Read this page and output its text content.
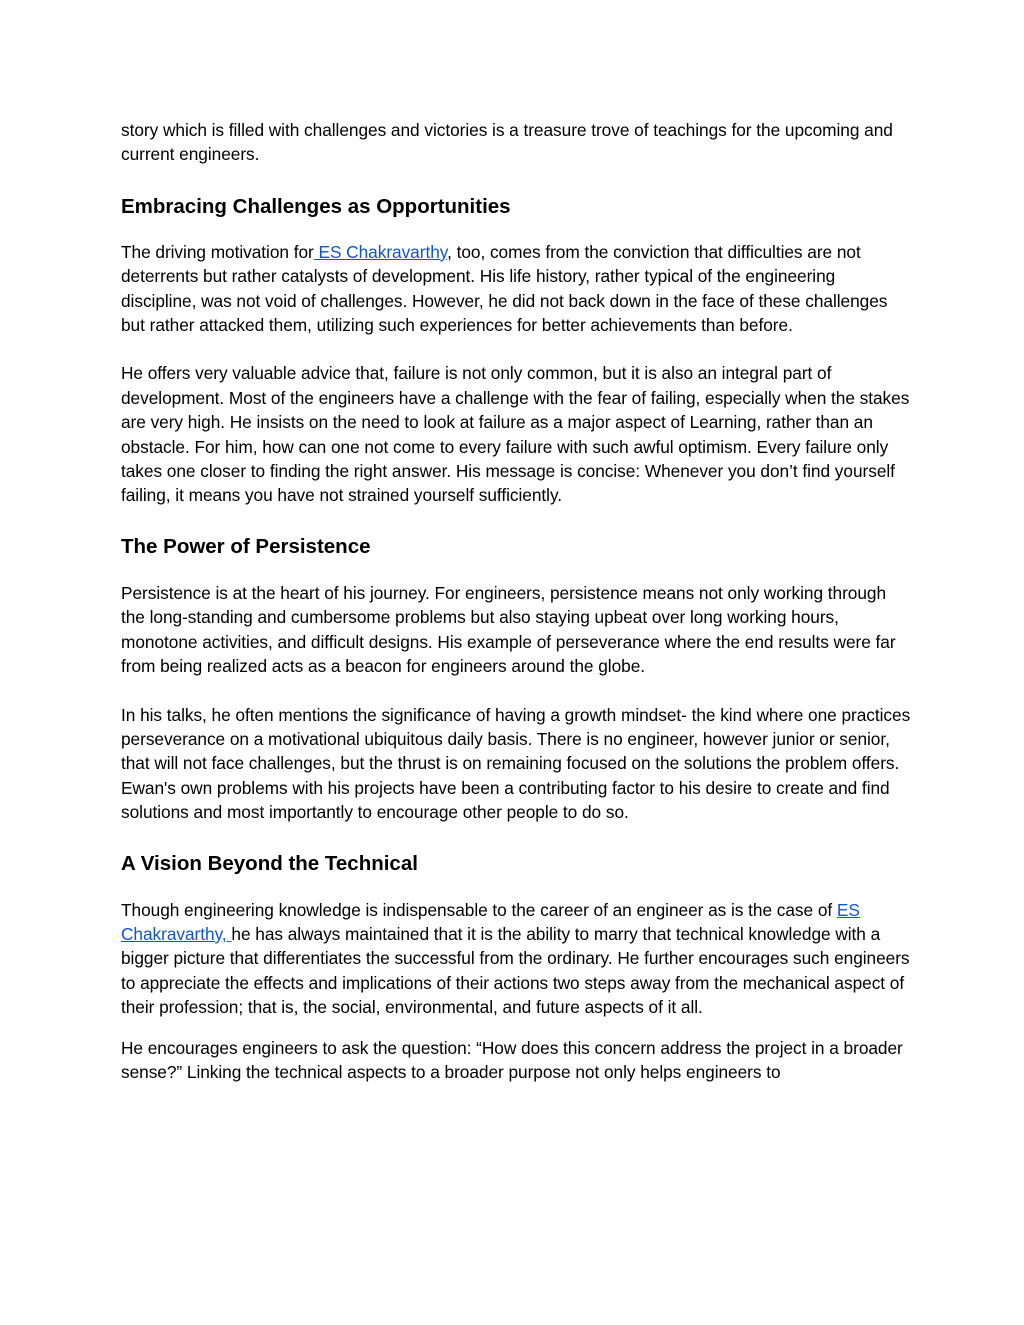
story which is filled with challenges and victories is a treasure trove of teachings for the upcoming and current engineers.

Embracing Challenges as Opportunities

The driving motivation for ES Chakravarthy, too, comes from the conviction that difficulties are not deterrents but rather catalysts of development. His life history, rather typical of the engineering discipline, was not void of challenges. However, he did not back down in the face of these challenges but rather attacked them, utilizing such experiences for better achievements than before.

He offers very valuable advice that, failure is not only common, but it is also an integral part of development. Most of the engineers have a challenge with the fear of failing, especially when the stakes are very high. He insists on the need to look at failure as a major aspect of Learning, rather than an obstacle. For him, how can one not come to every failure with such awful optimism. Every failure only takes one closer to finding the right answer. His message is concise: Whenever you don’t find yourself failing, it means you have not strained yourself sufficiently.

The Power of Persistence

Persistence is at the heart of his journey. For engineers, persistence means not only working through the long-standing and cumbersome problems but also staying upbeat over long working hours, monotone activities, and difficult designs. His example of perseverance where the end results were far from being realized acts as a beacon for engineers around the globe.

In his talks, he often mentions the significance of having a growth mindset- the kind where one practices perseverance on a motivational ubiquitous daily basis. There is no engineer, however junior or senior, that will not face challenges, but the thrust is on remaining focused on the solutions the problem offers. Ewan's own problems with his projects have been a contributing factor to his desire to create and find solutions and most importantly to encourage other people to do so.

A Vision Beyond the Technical

Though engineering knowledge is indispensable to the career of an engineer as is the case of ES Chakravarthy, he has always maintained that it is the ability to marry that technical knowledge with a bigger picture that differentiates the successful from the ordinary. He further encourages such engineers to appreciate the effects and implications of their actions two steps away from the mechanical aspect of their profession; that is, the social, environmental, and future aspects of it all.

He encourages engineers to ask the question: “How does this concern address the project in a broader sense?” Linking the technical aspects to a broader purpose not only helps engineers to
